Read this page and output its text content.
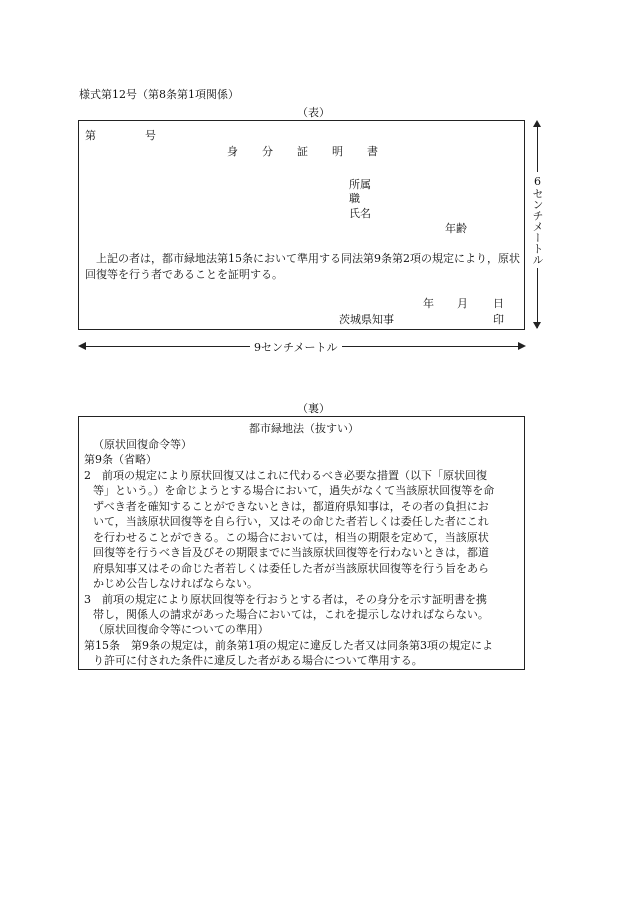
様式第12号（第8条第1項関係）
（表）
第	号
身分証明書
所属
職
氏名
年齢
 上記の者は，都市緑地法第15条において準用する同法第9条第2項の規定により，原状回復等を行う者であることを証明する。
年 月 日
茨城県知事	印
6センチメートル
9センチメートル
（裏）
都市緑地法（抜すい）
（原状回復命令等）
第9条（省略）
2　前項の規定により原状回復又はこれに代わるべき必要な措置（以下「原状回復
等」という。）を命じようとする場合において，過失がなくて当該原状回復等を命
ずべき者を確知することができないときは，都道府県知事は，その者の負担にお
いて，当該原状回復等を自ら行い，又はその命じた者若しくは委任した者にこれ
を行わせることができる。この場合においては，相当の期限を定めて，当該原状
回復等を行うべき旨及びその期限までに当該原状回復等を行わないときは，都道
府県知事又はその命じた者若しくは委任した者が当該原状回復等を行う旨をあら
かじめ公告しなければならない。
3　前項の規定により原状回復等を行おうとする者は，その身分を示す証明書を携
帯し，関係人の請求があった場合においては，これを提示しなければならない。
（原状回復命令等についての準用）
第15条　第9条の規定は，前条第1項の規定に違反した者又は同条第3項の規定によ
り許可に付された条件に違反した者がある場合について準用する。
